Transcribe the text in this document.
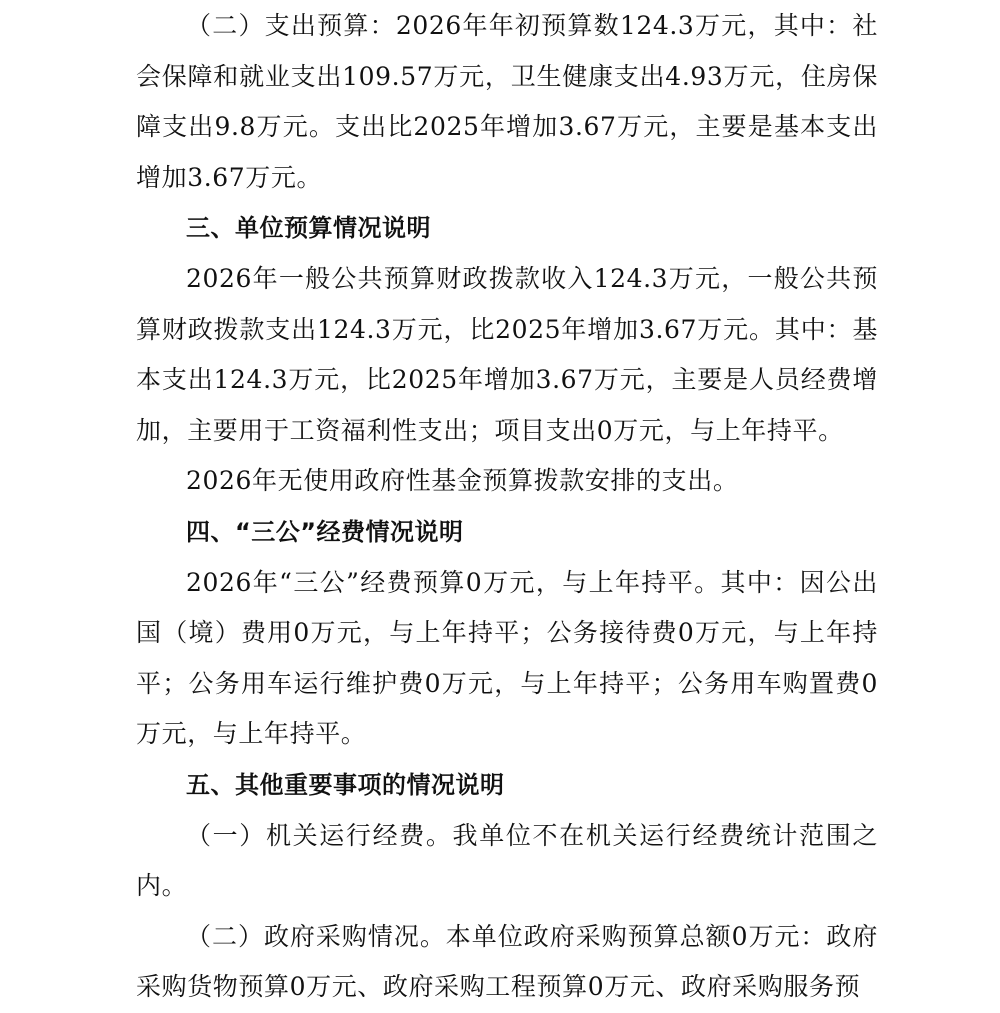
（二）支出预算：2026年年初预算数124.3万元，其中：社会保障和就业支出109.57万元，卫生健康支出4.93万元，住房保障支出9.8万元。支出比2025年增加3.67万元，主要是基本支出增加3.67万元。

三、单位预算情况说明

2026年一般公共预算财政拨款收入124.3万元，一般公共预算财政拨款支出124.3万元，比2025年增加3.67万元。其中：基本支出124.3万元，比2025年增加3.67万元，主要是人员经费增加，主要用于工资福利性支出；项目支出0万元，与上年持平。

2026年无使用政府性基金预算拨款安排的支出。

四、“三公”经费情况说明

2026年“三公”经费预算0万元，与上年持平。其中：因公出国（境）费用0万元，与上年持平；公务接待费0万元，与上年持平；公务用车运行维护费0万元，与上年持平；公务用车购置费0万元，与上年持平。

五、其他重要事项的情况说明

（一）机关运行经费。我单位不在机关运行经费统计范围之内。

（二）政府采购情况。本单位政府采购预算总额0万元：政府采购货物预算0万元、政府采购工程预算0万元、政府采购服务预
